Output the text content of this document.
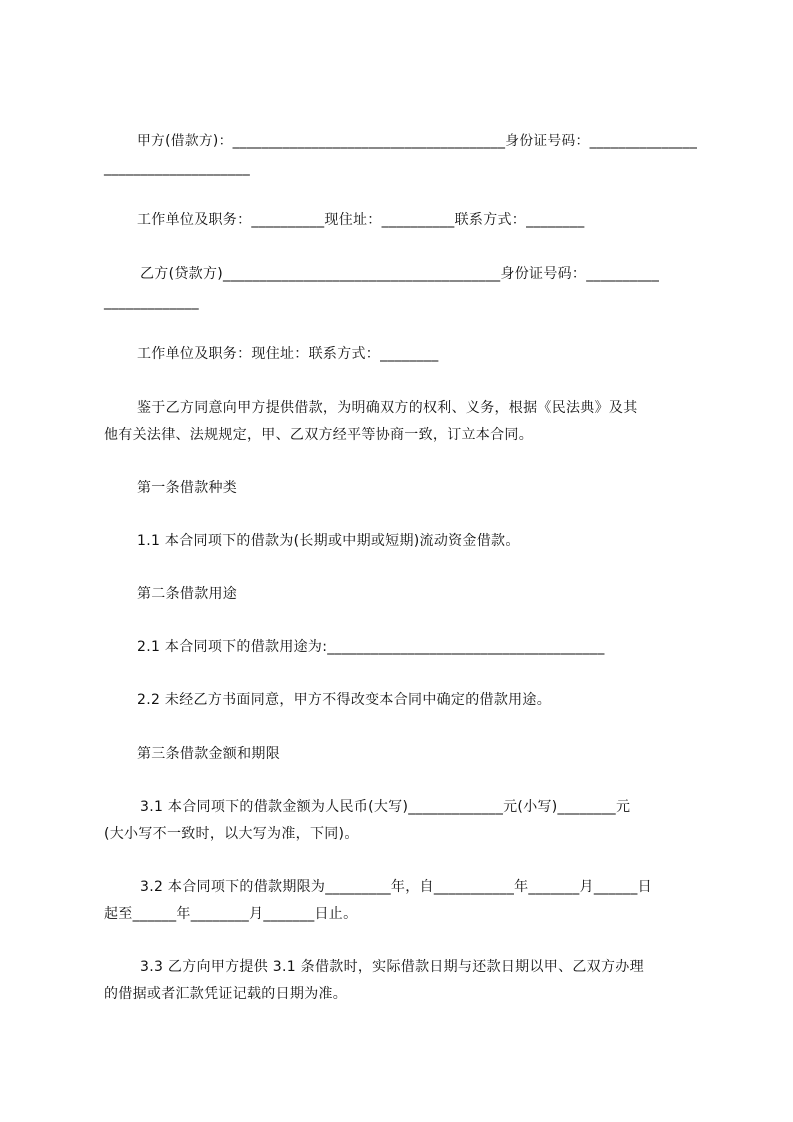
甲方(借款方)：______________________________________身份证号码：_______________
____________________
工作单位及职务：__________现住址：__________联系方式：________
乙方(贷款方)______________________________________身份证号码：__________
_____________
工作单位及职务：现住址：联系方式：________
鉴于乙方同意向甲方提供借款，为明确双方的权利、义务，根据《民法典》及其
他有关法律、法规规定，甲、乙双方经平等协商一致，订立本合同。
第一条借款种类
1.1 本合同项下的借款为(长期或中期或短期)流动资金借款。
第二条借款用途
2.1 本合同项下的借款用途为:______________________________________
2.2 未经乙方书面同意，甲方不得改变本合同中确定的借款用途。
第三条借款金额和期限
3.1 本合同项下的借款金额为人民币(大写)_____________元(小写)________元
(大小写不一致时，以大写为准，下同)。
3.2 本合同项下的借款期限为_________年，自___________年_______月______日
起至______年________月_______日止。
3.3 乙方向甲方提供 3.1 条借款时，实际借款日期与还款日期以甲、乙双方办理
的借据或者汇款凭证记载的日期为准。
